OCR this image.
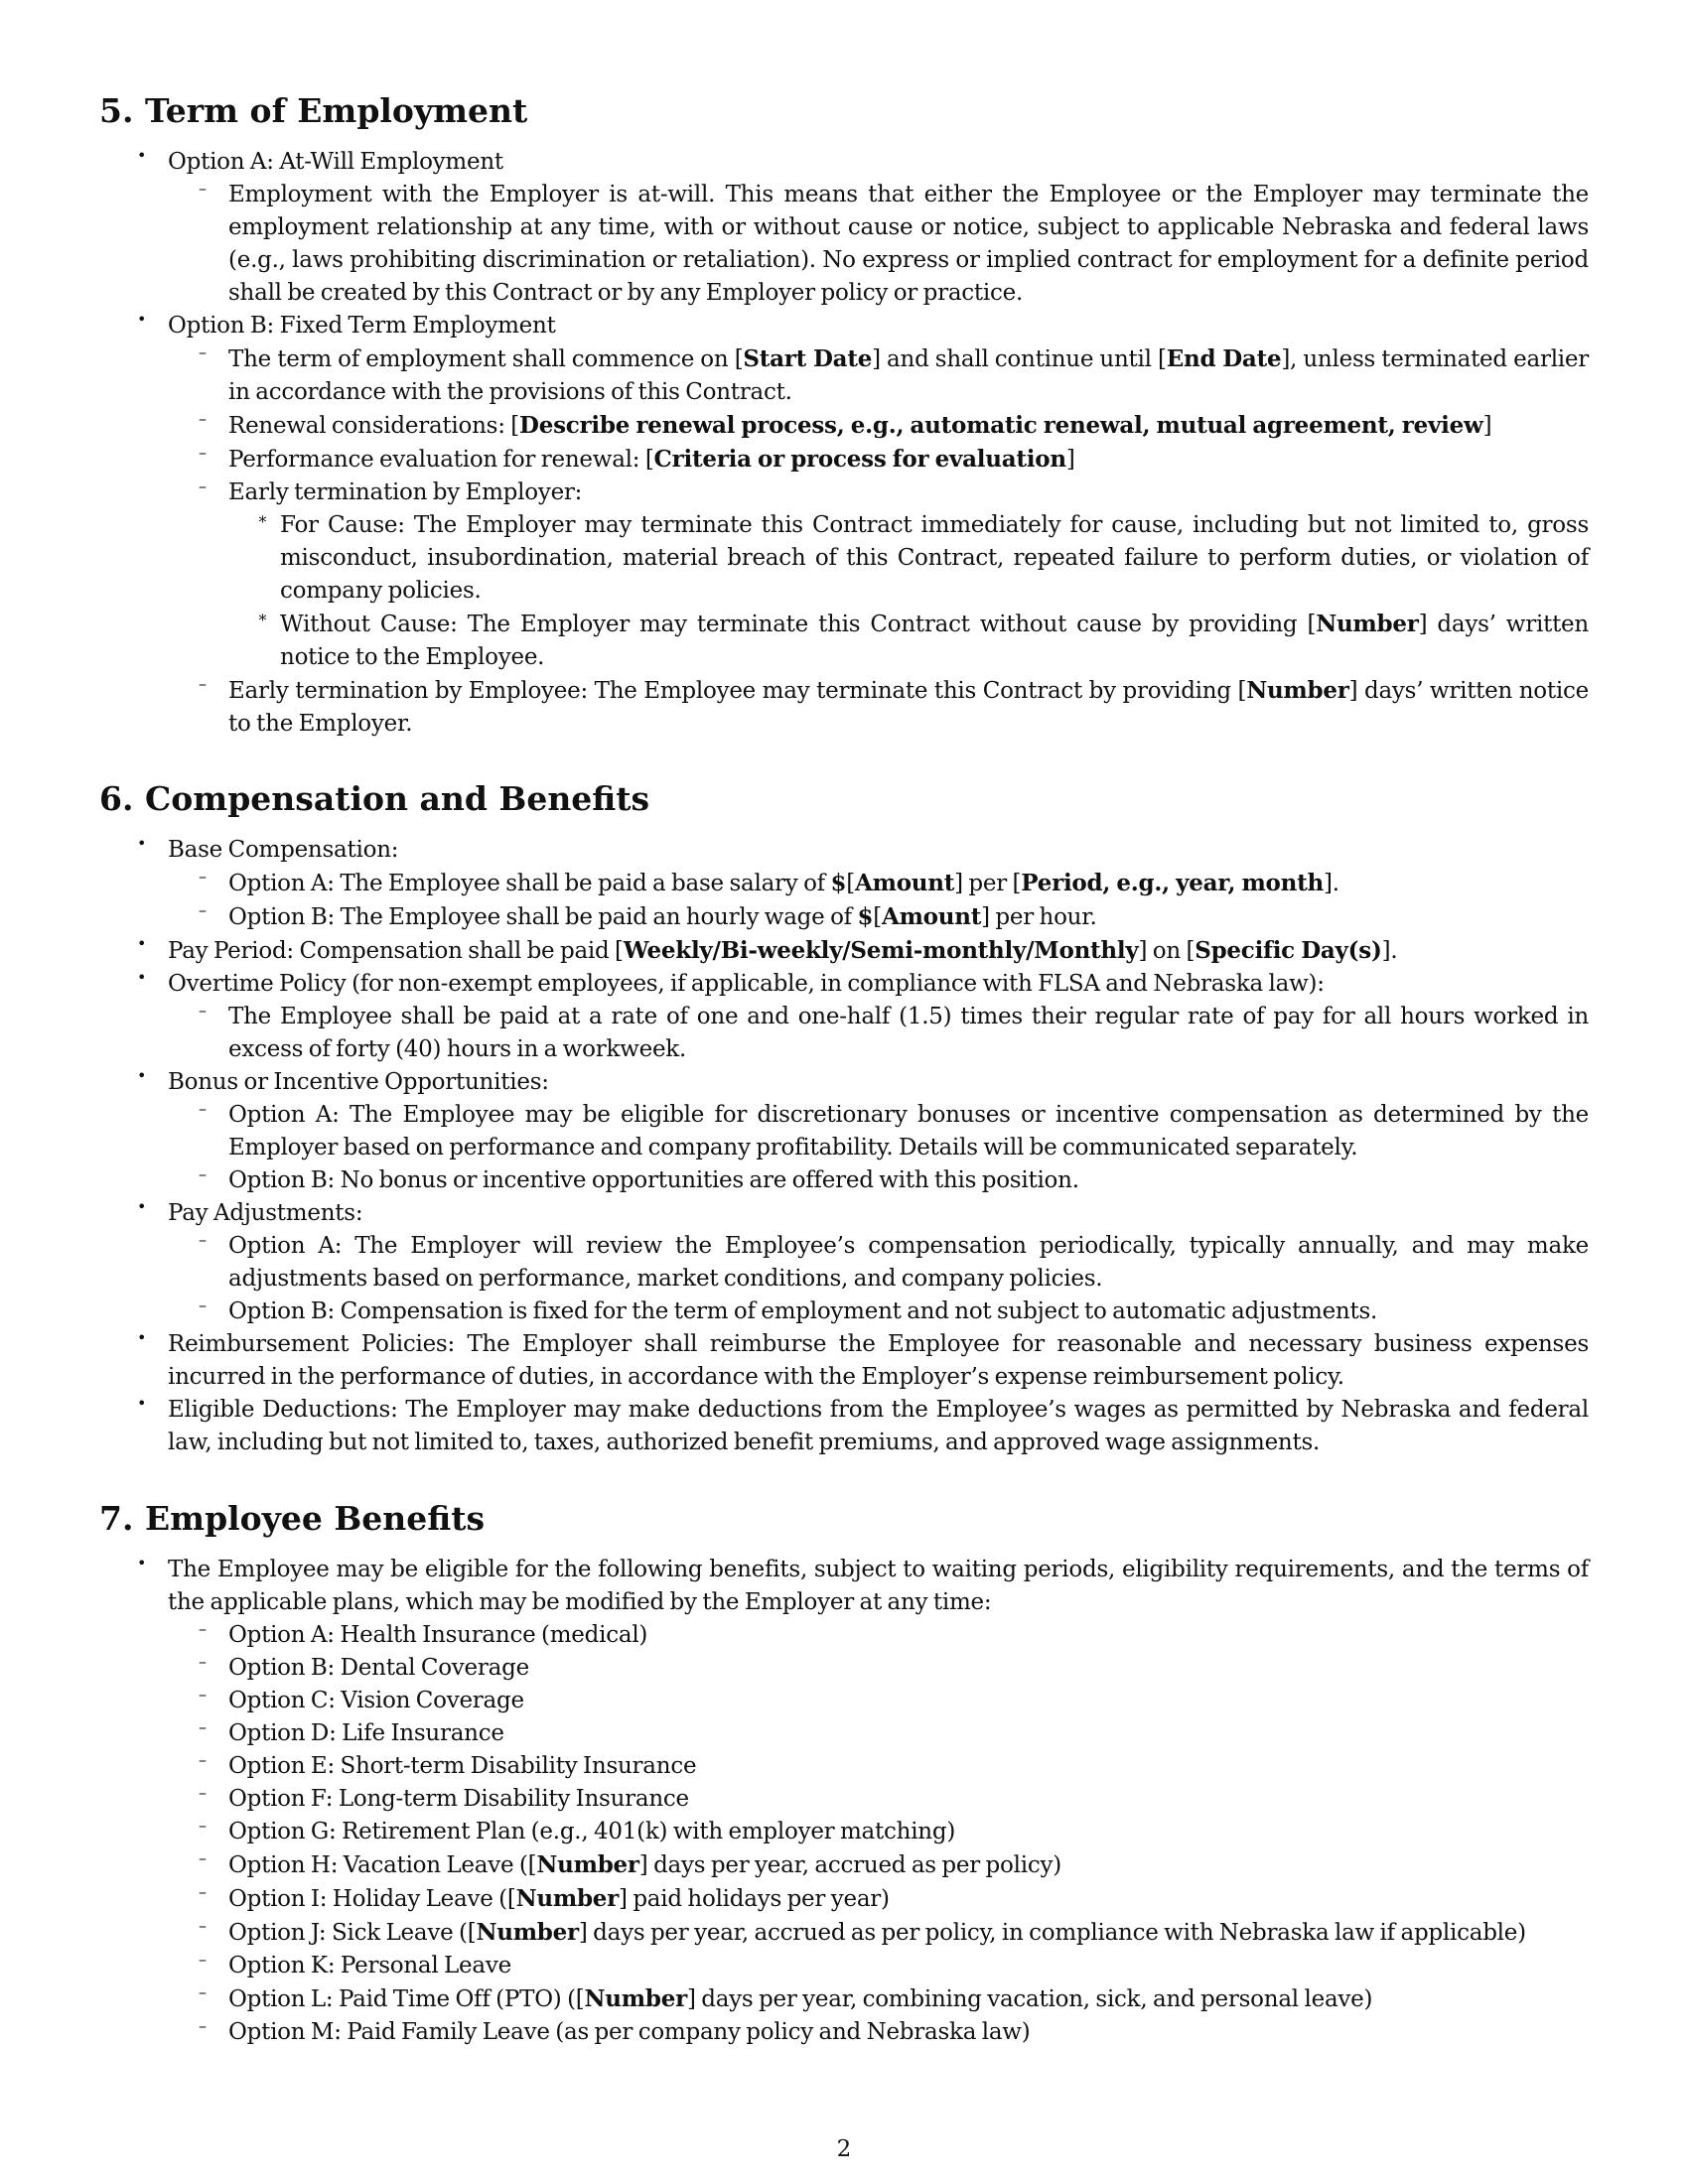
5. Term of Employment
• Option A: At-Will Employment
– Employment with the Employer is at-will. This means that either the Employee or the Employer may terminate the employment relationship at any time, with or without cause or notice, subject to applicable Nebraska and federal laws (e.g., laws prohibiting discrimination or retaliation). No express or implied contract for employment for a definite period shall be created by this Contract or by any Employer policy or practice.
• Option B: Fixed Term Employment
– The term of employment shall commence on [Start Date] and shall continue until [End Date], unless terminated earlier in accordance with the provisions of this Contract.
– Renewal considerations: [Describe renewal process, e.g., automatic renewal, mutual agreement, review]
– Performance evaluation for renewal: [Criteria or process for evaluation]
– Early termination by Employer:
∗ For Cause: The Employer may terminate this Contract immediately for cause, including but not limited to, gross misconduct, insubordination, material breach of this Contract, repeated failure to perform duties, or violation of company policies.
∗ Without Cause: The Employer may terminate this Contract without cause by providing [Number] days’ written notice to the Employee.
– Early termination by Employee: The Employee may terminate this Contract by providing [Number] days’ written notice to the Employer.
6. Compensation and Benefits
• Base Compensation:
– Option A: The Employee shall be paid a base salary of $[Amount] per [Period, e.g., year, month].
– Option B: The Employee shall be paid an hourly wage of $[Amount] per hour.
• Pay Period: Compensation shall be paid [Weekly/Bi-weekly/Semi-monthly/Monthly] on [Specific Day(s)].
• Overtime Policy (for non-exempt employees, if applicable, in compliance with FLSA and Nebraska law):
– The Employee shall be paid at a rate of one and one-half (1.5) times their regular rate of pay for all hours worked in excess of forty (40) hours in a workweek.
• Bonus or Incentive Opportunities:
– Option A: The Employee may be eligible for discretionary bonuses or incentive compensation as determined by the Employer based on performance and company profitability. Details will be communicated separately.
– Option B: No bonus or incentive opportunities are offered with this position.
• Pay Adjustments:
– Option A: The Employer will review the Employee’s compensation periodically, typically annually, and may make adjustments based on performance, market conditions, and company policies.
– Option B: Compensation is fixed for the term of employment and not subject to automatic adjustments.
• Reimbursement Policies: The Employer shall reimburse the Employee for reasonable and necessary business expenses incurred in the performance of duties, in accordance with the Employer’s expense reimbursement policy.
• Eligible Deductions: The Employer may make deductions from the Employee’s wages as permitted by Nebraska and federal law, including but not limited to, taxes, authorized benefit premiums, and approved wage assignments.
7. Employee Benefits
• The Employee may be eligible for the following benefits, subject to waiting periods, eligibility requirements, and the terms of the applicable plans, which may be modified by the Employer at any time:
– Option A: Health Insurance (medical)
– Option B: Dental Coverage
– Option C: Vision Coverage
– Option D: Life Insurance
– Option E: Short-term Disability Insurance
– Option F: Long-term Disability Insurance
– Option G: Retirement Plan (e.g., 401(k) with employer matching)
– Option H: Vacation Leave ([Number] days per year, accrued as per policy)
– Option I: Holiday Leave ([Number] paid holidays per year)
– Option J: Sick Leave ([Number] days per year, accrued as per policy, in compliance with Nebraska law if applicable)
– Option K: Personal Leave
– Option L: Paid Time Off (PTO) ([Number] days per year, combining vacation, sick, and personal leave)
– Option M: Paid Family Leave (as per company policy and Nebraska law)
2
